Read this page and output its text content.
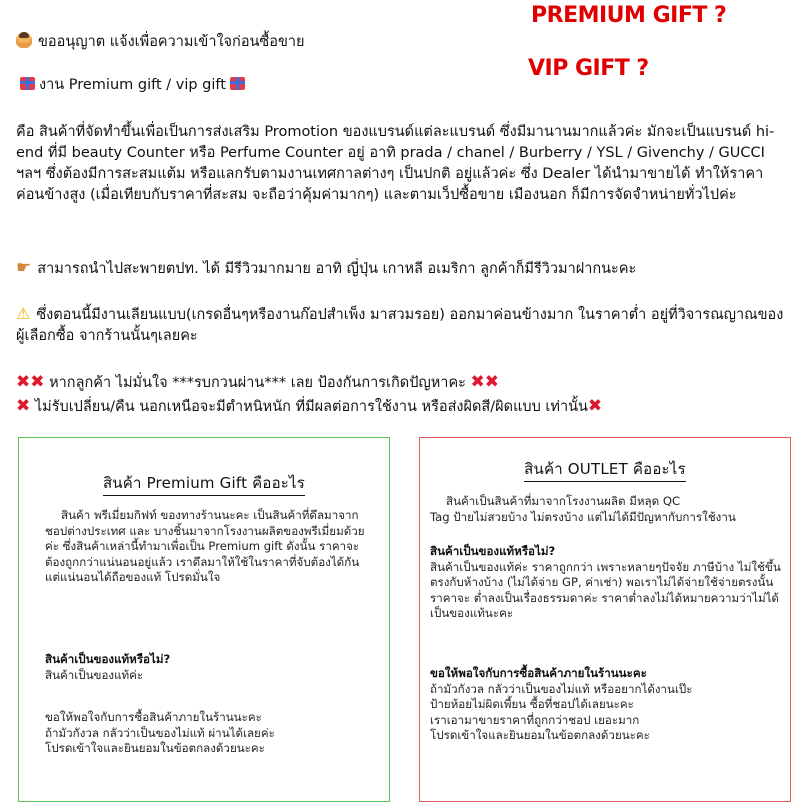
PREMIUM GIFT ?
VIP GIFT ?
ขออนุญาต แจ้งเพื่อความเข้าใจก่อนซื้อขาย
งาน Premium gift / vip gift

คือ สินค้าที่จัดทำขึ้นเพื่อเป็นการส่งเสริม Promotion ของแบรนด์แต่ละแบรนด์ ซึ่งมีมานานมากแล้วค่ะ มักจะเป็นแบรนด์ hi-end ที่มี beauty Counter หรือ Perfume Counter อยู่ อาทิ prada / chanel / Burberry / YSL / Givenchy / GUCCI ฯลฯ ซึ่งต้องมีการสะสมแต้ม หรือแลกรับตามงานเทศกาลต่างๆ เป็นปกติ อยู่แล้วค่ะ ซึ่ง Dealer ได้นำมาขายได้ ทำให้ราคาค่อนข้างสูง (เมื่อเทียบกับราคาที่สะสม จะถือว่าคุ้มค่ามากๆ) และตามเว็ปซื้อขาย เมืองนอก ก็มีการจัดจำหน่ายทั่วไปค่ะ

☛ สามารถนำไปสะพายตปท. ได้ มีรีวิวมากมาย อาทิ ญี่ปุ่น เกาหลี อเมริกา ลูกค้าก็มีรีวิวมาฝากนะคะ

⚠ ซึ่งตอนนี้มีงานเลียนแบบ(เกรดอื่นๆหรืองานก๊อปสำเพ็ง มาสวมรอย) ออกมาค่อนข้างมาก ในราคาต่ำ อยู่ที่วิจารณญาณของผู้เลือกซื้อ จากร้านนั้นๆเลยคะ

✖✖ หากลูกค้า ไม่มั่นใจ ***รบกวนผ่าน*** เลย ป้องกันการเกิดปัญหาคะ ✖✖

✖ ไม่รับเปลี่ยน/คืน นอกเหนือจะมีตำหนิหนัก ที่มีผลต่อการใช้งาน หรือส่งผิดสี/ผิดแบบ เท่านั้น✖

สินค้า Premium Gift คืออะไร

สินค้า พรีเมี่ยมกิฟท์ ของทางร้านนะคะ เป็นสินค้าที่ดึลมาจาก ชอปต่างประเทศ และ บางชิ้นมาจากโรงงานผลิตของพรีเมี่ยมด้วยค่ะ ซึ่งสินค้าเหล่านี้ทำมาเพื่อเป็น Premium gift ดังนั้น ราคาจะต้องถูกกว่าแน่นอนอยู่แล้ว เราดึลมาให้ใช้ในราคาที่จับต้องได้กัน แต่แน่นอนได้ถือของแท้ โปรดมั่นใจ

สินค้าเป็นของแท้หรือไม่?
สินค้าเป็นของแท้ค่ะ

ขอให้พอใจกับการซื้อสินค้าภายในร้านนะคะ
ถ้ามัวกังวล กลัวว่าเป็นของไม่แท้ ผ่านได้เลยค่ะ
โปรดเข้าใจและยินยอมในข้อตกลงด้วยนะคะ

สินค้า OUTLET คืออะไร

สินค้าเป็นสินค้าที่มาจากโรงงานผลิต มีหลุด QC
Tag ป้ายไม่สวยบ้าง ไม่ตรงบ้าง แต่ไม่ได้มีปัญหากับการใช้งาน

สินค้าเป็นของแท้หรือไม่?
สินค้าเป็นของแท้ค่ะ ราคาถูกกว่า เพราะหลายๆปัจจัย ภาษีบ้าง ไม่ใช้ขึ้นตรงกับห้างบ้าง (ไม่ได้จ่าย GP, ค่าเช่า) พอเราไม่ได้จ่ายใช้จ่ายตรงนั้นราคาจะ ต่ำลงเป็นเรื่องธรรมดาค่ะ ราคาต่ำลงไม่ได้หมายความว่าไม่ได้เป็นของแท้นะคะ

ขอให้พอใจกับการซื้อสินค้าภายในร้านนะคะ
ถ้ามัวกังวล กลัวว่าเป็นของไม่แท้ หรืออยากได้งานเป๊ะ
ป้ายห้อยไม่ผิดเพี้ยน ซื้อที่ชอปได้เลยนะคะ
เราเอามาขายราคาที่ถูกกว่าชอป เยอะมาก
โปรดเข้าใจและยินยอมในข้อตกลงด้วยนะคะ
